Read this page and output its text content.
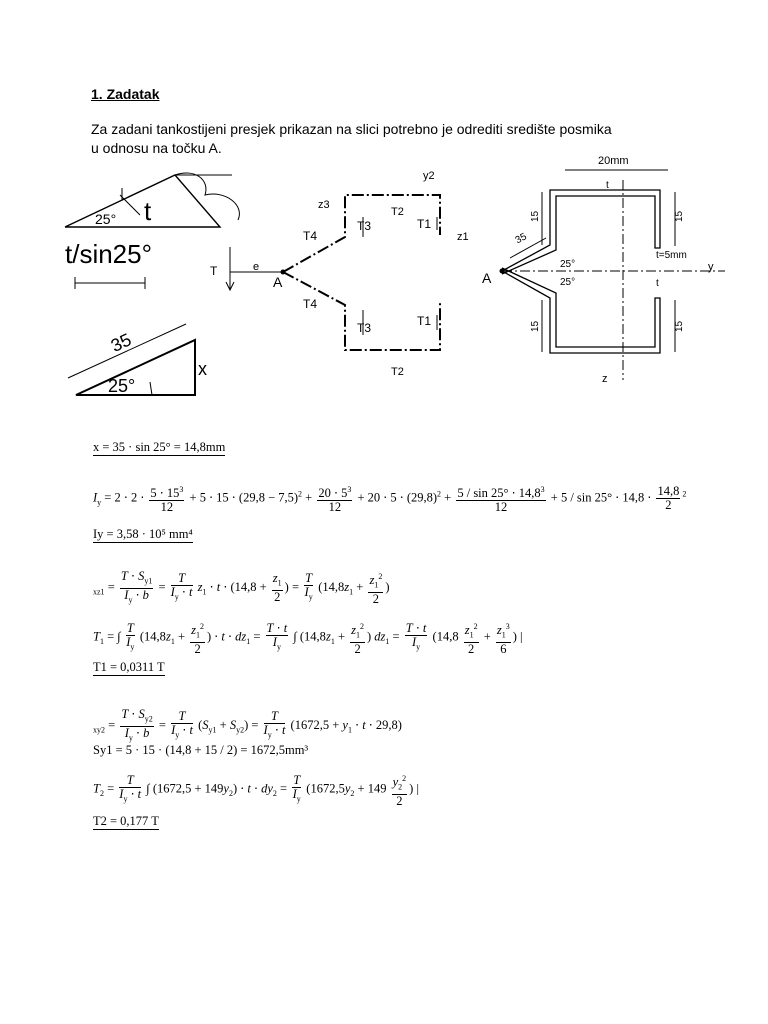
1. Zadatak
Za zadani tankostijeni presjek prikazan na slici potrebno je odrediti središte posmika
u odnosu na točku A.
25° t
t/sin25°
35
x
25°
T	e
A
y2
z3
T2
T3	T1
z1
T4
T4
T3	T1
T2
20mm
t
35
15	15
15	15
t=5mm
25°
25°
A
y
t
z
x = 35 · sin 25° = 14,8mm
$I_y = 2 \cdot 2 \cdot \frac{5 \cdot 15^3}{12} + 5 \cdot 15 \cdot (29,8 - 7,5)^2 + \frac{20 \cdot 5^3}{12} + 20 \cdot 5 \cdot (29,8)^2 + \frac{5 / \sin 25^\circ \cdot 14,8^3}{12} + 5 / \sin 25^\circ \cdot 14,8 \cdot \frac{14,8}{2} ^2$
Iy = 3,58 · 10⁵ mm⁴
$_{xz1} = \frac{T \cdot S_{y1}}{I_y \cdot b} = \frac{T}{I_y \cdot t} z_1 \cdot t \cdot (14,8 + \frac{z_1}{2}$ ) = $\frac{T}{I_y} (14,8z_1 + \frac{z_1^2}{2}$ )
$T_1$ = ∫ $\frac{T}{I_y} (14,8z_1 + \frac{z_1^2}{2}$ ) ⋅ $t \cdot dz_1 = \frac{T \cdot t}{I_y}$ ∫ ($14,8z_1 + \frac{z_1^2}{2}$ ) $dz_1 = \frac{T \cdot t}{I_y} (14,8 \frac{z_1^2}{2} + \frac{z_1^3}{6}$ ) |
T1 = 0,0311 T
$_{xy2} = \frac{T \cdot S_{y2}}{I_y \cdot b} = \frac{T}{I_y \cdot t} (S_{y1} + S_{y2}) = \frac{T}{I_y \cdot t} (1672,5 + y_1 \cdot t \cdot 29,8)$
Sy1 = 5 · 15 · (14,8 + 15 / 2) = 1672,5mm³
$T_2 = \frac{T}{I_y \cdot t}$ ∫ $(1672,5 + 149y_2) \cdot t \cdot dy_2 = \frac{T}{I_y} (1672,5y_2 + 149 \frac{y_2^2}{2}$ ) |
T2 = 0,177 T
